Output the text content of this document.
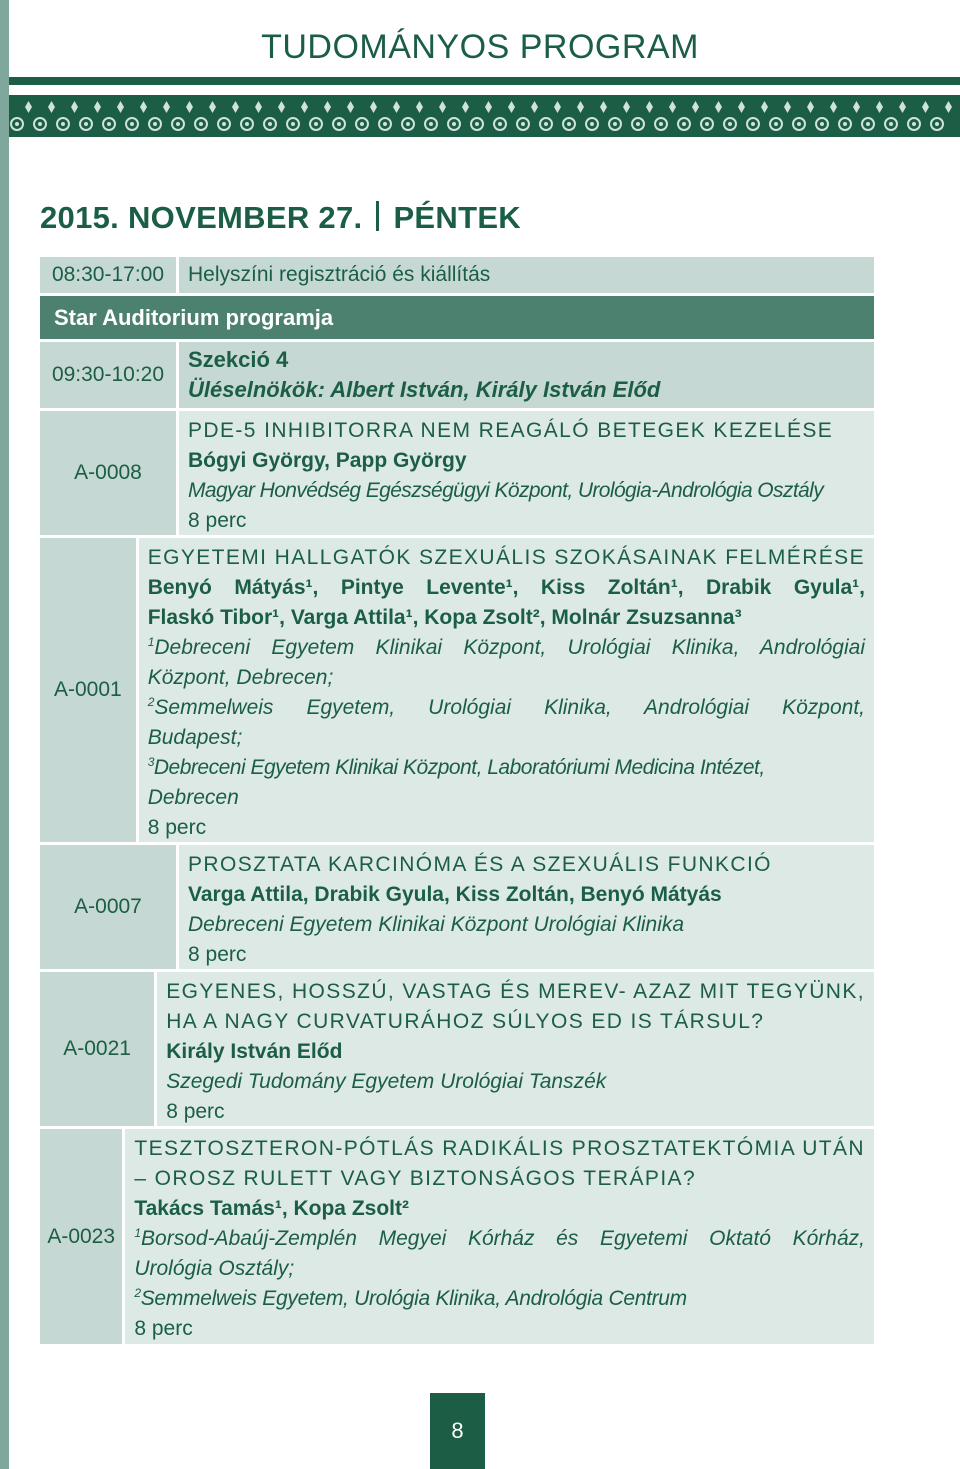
TUDOMÁNYOS PROGRAM
2015. NOVEMBER 27. PÉNTEK
08:30-17:00	Helyszíni regisztráció és kiállítás
Star Auditorium programja
09:30-10:20
Szekció 4
Üléselnökök: Albert István, Király István Előd
A-0008
PDE-5 INHIBITORRA NEM REAGÁLÓ BETEGEK KEZELÉSE
Bógyi György, Papp György
Magyar Honvédség Egészségügyi Központ, Urológia-Andrológia Osztály
8 perc
A-0001
EGYETEMI HALLGATÓK SZEXUÁLIS SZOKÁSAINAK FELMÉRÉSE
Benyó Mátyás¹, Pintye Levente¹, Kiss Zoltán¹, Drabik Gyula¹,
Flaskó Tibor¹, Varga Attila¹, Kopa Zsolt², Molnár Zsuzsanna³
$^1$Debreceni Egyetem Klinikai Központ, Urológiai Klinika, Andrológiai
Központ, Debrecen;
$^2$Semmelweis Egyetem, Urológiai Klinika, Andrológiai Központ,
Budapest;
$^3$Debreceni Egyetem Klinikai Központ, Laboratóriumi Medicina Intézet,
Debrecen
8 perc
A-0007
PROSZTATA KARCINÓMA ÉS A SZEXUÁLIS FUNKCIÓ
Varga Attila, Drabik Gyula, Kiss Zoltán, Benyó Mátyás
Debreceni Egyetem Klinikai Központ Urológiai Klinika
8 perc
A-0021
EGYENES, HOSSZÚ, VASTAG ÉS MEREV- AZAZ MIT TEGYÜNK,
HA A NAGY CURVATURÁHOZ SÚLYOS ED IS TÁRSUL?
Király István Előd
Szegedi Tudomány Egyetem Urológiai Tanszék
8 perc
A-0023
TESZTOSZTERON-PÓTLÁS RADIKÁLIS PROSZTATEKTÓMIA UTÁN
– OROSZ RULETT VAGY BIZTONSÁGOS TERÁPIA?
Takács Tamás¹, Kopa Zsolt²
$^1$Borsod-Abaúj-Zemplén Megyei Kórház és Egyetemi Oktató Kórház,
Urológia Osztály;
$^2$Semmelweis Egyetem, Urológia Klinika, Andrológia Centrum
8 perc
8
